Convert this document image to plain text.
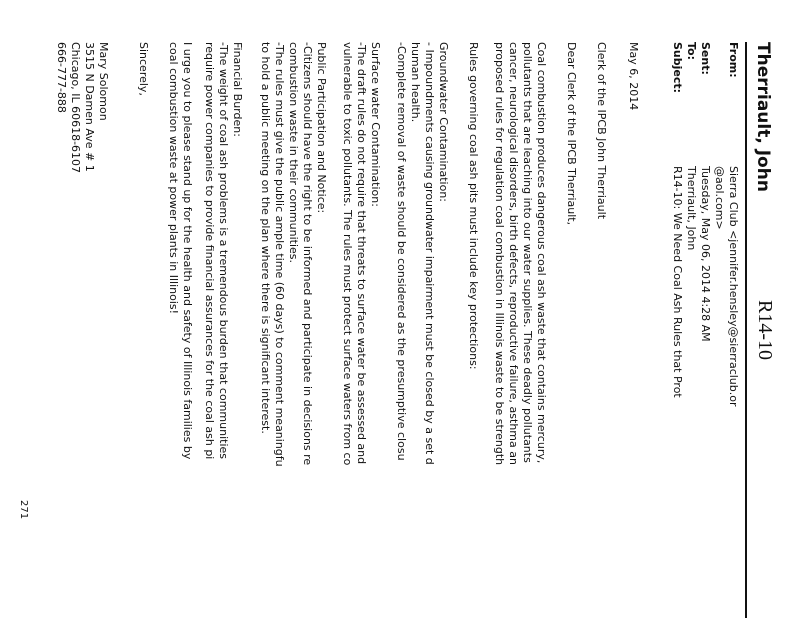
R14-10
Therriault, John
From:
Sierra Club <jennifer.hensley@sierraclub.or
@aol.com>
Sent:
Tuesday, May 06, 2014 4:28 AM
To:
Therriault, John
Subject:
R14-10: We Need Coal Ash Rules that Prot
May 6, 2014
Clerk of the IPCB John Therriault
Dear Clerk of the IPCB Therriault,
Coal combustion produces dangerous coal ash waste that contains mercury,
pollutants that are leaching into our water supplies. These deadly pollutants
cancer, neurological disorders, birth defects, reproductive failure, asthma an
proposed rules for regulation coal combustion in Illinois waste to be strength
Rules governing coal ash pits must include key protections:
Groundwater Contamination:
- Impoundments causing groundwater impairment must be closed by a set d
human health.
-Complete removal of waste should be considered as the presumptive closu
Surface water Contamination:
-The draft rules do not require that threats to surface water be assessed and
vulnerable to toxic pollutants. The rules must protect surface waters from co
Public Participation and Notice:
-Citizens should have the right to be informed and participate in decisions re
combustion waste in their communities.
-The rules must give the public ample time (60 days) to comment meaningfu
to hold a public meeting on the plan where there is significant interest.
Financial Burden:
-The weight of coal ash problems is a tremendous burden that communities
require power companies to provide financial assurances for the coal ash pi
I urge you to please stand up for the health and safety of Illinois families by
coal combustion waste at power plants in Illinois!
Sincerely,
Mary Solomon
3515 N Damen Ave # 1
Chicago, IL 60618-6107
666-777-888
271
